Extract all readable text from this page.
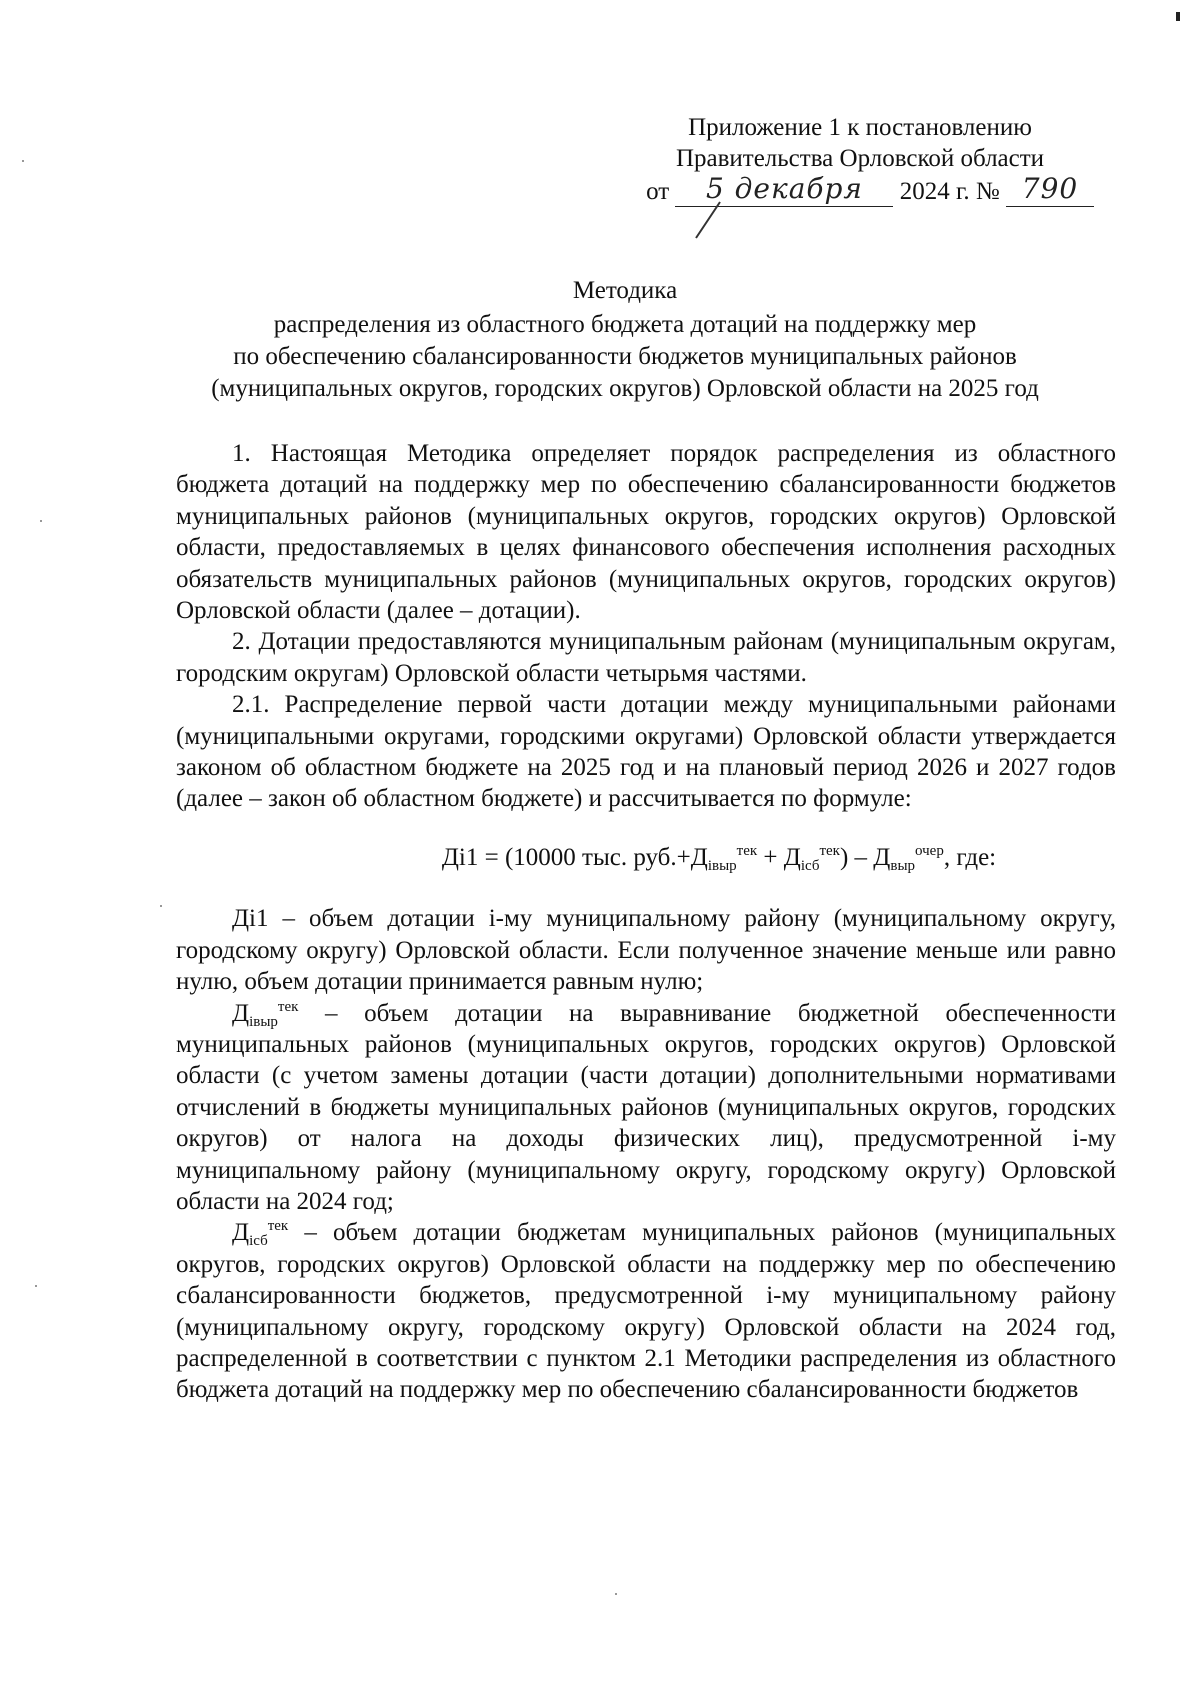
Приложение 1 к постановлению
Правительства Орловской области
от 5 декабря 2024 г. № 790
Методика
распределения из областного бюджета дотаций на поддержку мер
по обеспечению сбалансированности бюджетов муниципальных районов
(муниципальных округов, городских округов) Орловской области на 2025 год

1. Настоящая Методика определяет порядок распределения из областного бюджета дотаций на поддержку мер по обеспечению сбалансированности бюджетов муниципальных районов (муниципальных округов, городских округов) Орловской области, предоставляемых в целях финансового обеспечения исполнения расходных обязательств муниципальных районов (муниципальных округов, городских округов) Орловской области (далее – дотации).

2. Дотации предоставляются муниципальным районам (муниципальным округам, городским округам) Орловской области четырьмя частями.

2.1. Распределение первой части дотации между муниципальными районами (муниципальными округами, городскими округами) Орловской области утверждается законом об областном бюджете на 2025 год и на плановый период 2026 и 2027 годов (далее – закон об областном бюджете) и рассчитывается по формуле:

Дi1 = (10000 тыс. $руб.+Д_{iвыр}^{тек} + Д_{iсб}^{тек}) - Д_{выр}^{очер}$, где:

Дi1 – объем дотации i-му муниципальному району (муниципальному округу, городскому округу) Орловской области. Если полученное значение меньше или равно нулю, объем дотации принимается равным нулю;

$Д_{iвыр}^{тек}$ – объем дотации на выравнивание бюджетной обеспеченности муниципальных районов (муниципальных округов, городских округов) Орловской области (с учетом замены дотации (части дотации) дополнительными нормативами отчислений в бюджеты муниципальных районов (муниципальных округов, городских округов) от налога на доходы физических лиц), предусмотренной i-му муниципальному району (муниципальному округу, городскому округу) Орловской области на 2024 год;

$Д_{iсб}^{тек}$ – объем дотации бюджетам муниципальных районов (муниципальных округов, городских округов) Орловской области на поддержку мер по обеспечению сбалансированности бюджетов, предусмотренной i-му муниципальному району (муниципальному округу, городскому округу) Орловской области на 2024 год, распределенной в соответствии с пунктом 2.1 Методики распределения из областного бюджета дотаций на поддержку мер по обеспечению сбалансированности бюджетов
